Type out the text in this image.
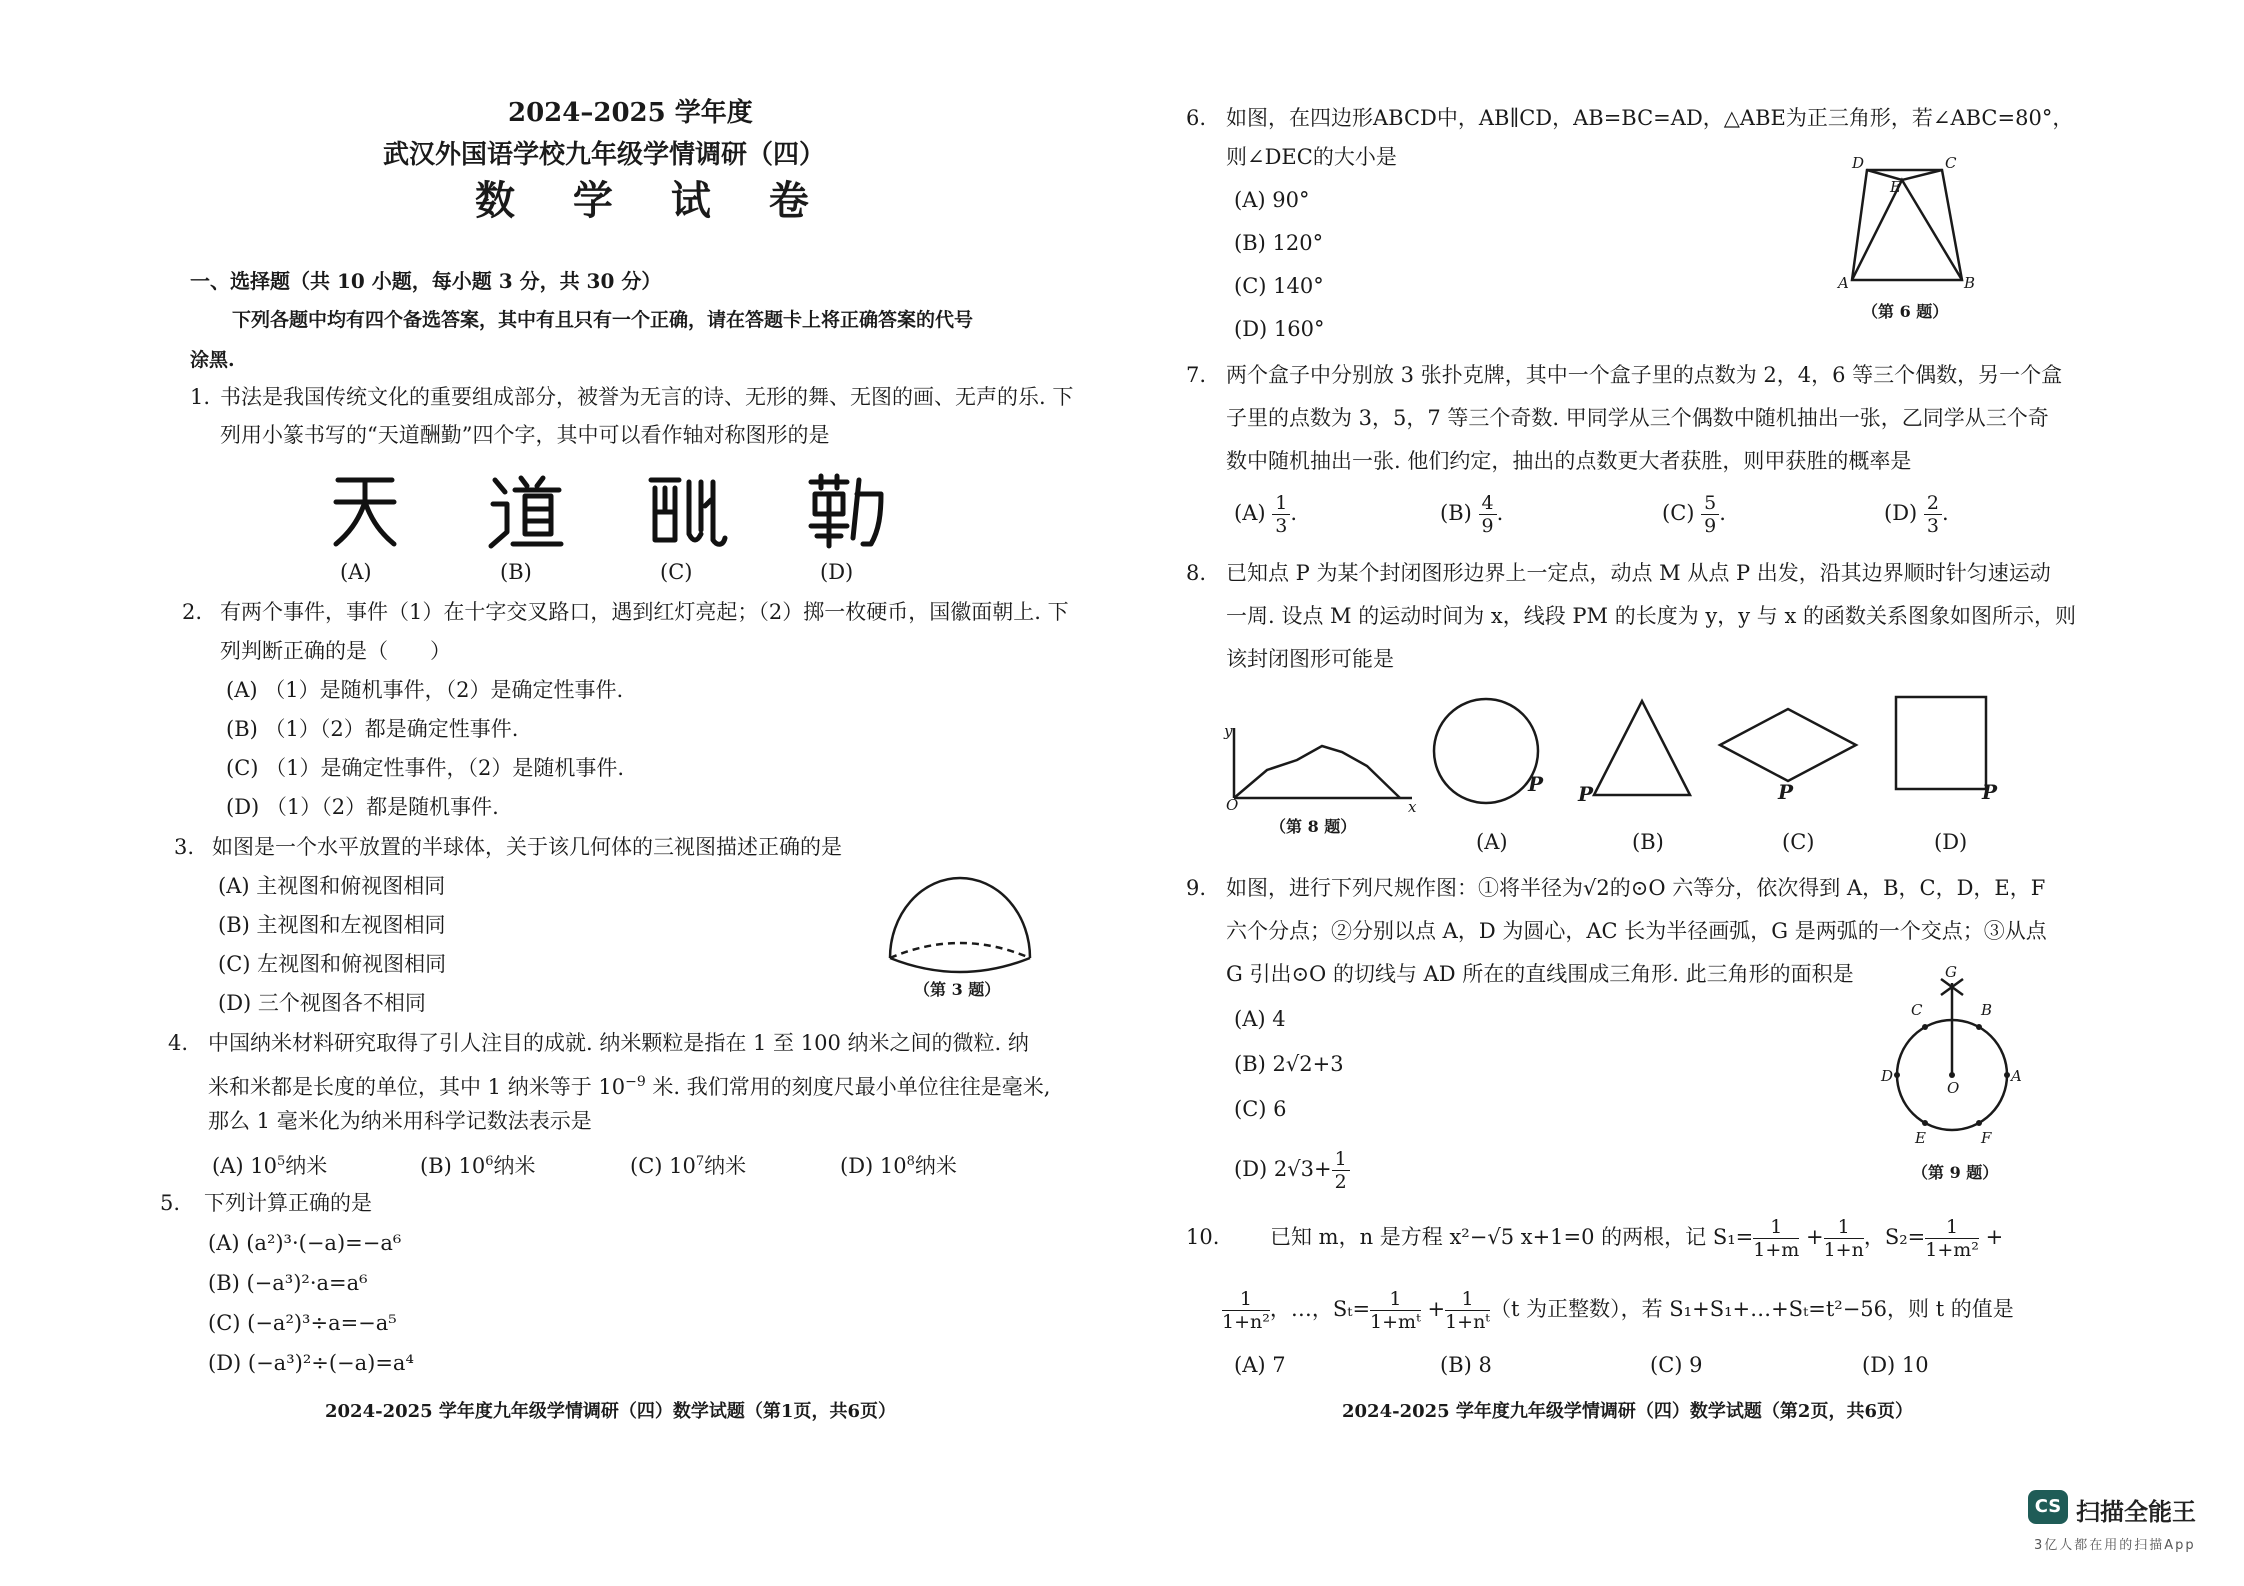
2024–2025 学年度
武汉外国语学校九年级学情调研（四）
数 学 试 卷
一、选择题（共 10 小题，每小题 3 分，共 30 分）
下列各题中均有四个备选答案，其中有且只有一个正确，请在答题卡上将正确答案的代号
涂黑.
1. 书法是我国传统文化的重要组成部分，被誉为无言的诗、无形的舞、无图的画、无声的乐. 下
列用小篆书写的“天道酬勤”四个字，其中可以看作轴对称图形的是
(A)	(B)	(C)	(D)
2. 有两个事件，事件（1）在十字交叉路口，遇到红灯亮起；（2）掷一枚硬币，国徽面朝上. 下
列判断正确的是（　　）
(A) （1）是随机事件，（2）是确定性事件.
(B) （1）（2）都是确定性事件.
(C) （1）是确定性事件，（2）是随机事件.
(D) （1）（2）都是随机事件.
3. 如图是一个水平放置的半球体，关于该几何体的三视图描述正确的是
(A) 主视图和俯视图相同
(B) 主视图和左视图相同
(C) 左视图和俯视图相同
(D) 三个视图各不相同
（第 3 题）
4. 中国纳米材料研究取得了引人注目的成就. 纳米颗粒是指在 1 至 100 纳米之间的微粒. 纳
米和米都是长度的单位，其中 1 纳米等于 $10^{-9}$ 米. 我们常用的刻度尺最小单位往往是毫米,
那么 1 毫米化为纳米用科学记数法表示是
(A) $10^5$纳米	(B) $10^6$纳米	(C) $10^7$纳米	(D) $10^8$纳米
5. 下列计算正确的是
(A) (a²)³·(−a)=−a⁶
(B) (−a³)²·a=a⁶
(C) (−a²)³÷a=−a⁵
(D) (−a³)²÷(−a)=a⁴
2024-2025 学年度九年级学情调研（四）数学试题（第1页，共6页）
6. 如图，在四边形ABCD中，AB∥CD，AB=BC=AD，△ABE为正三角形，若∠ABC=80°，
则∠DEC的大小是
(A) 90°
(B) 120°
(C) 140°
(D) 160°
D	C
E
A	B
（第 6 题）
7. 两个盒子中分别放 3 张扑克牌，其中一个盒子里的点数为 2，4，6 等三个偶数，另一个盒
子里的点数为 3，5，7 等三个奇数. 甲同学从三个偶数中随机抽出一张，乙同学从三个奇
数中随机抽出一张. 他们约定，抽出的点数更大者获胜，则甲获胜的概率是
$(A) \frac{1}{3}$ .	$(B) \frac{4}{9}$ .	$(C) \frac{5}{9}$ .	$(D) \frac{2}{3}$ .
8. 已知点 P 为某个封闭图形边界上一定点，动点 M 从点 P 出发，沿其边界顺时针匀速运动
一周. 设点 M 的运动时间为 x，线段 PM 的长度为 y，y 与 x 的函数关系图象如图所示，则
该封闭图形可能是
y
O	x
（第 8 题）
P P	P	P
(A)	(B)	(C)	(D)
9. 如图，进行下列尺规作图：①将半径为√2的⊙O 六等分，依次得到 A，B，C，D，E，F
六个分点；②分别以点 A，D 为圆心，AC 长为半径画弧，G 是两弧的一个交点；③从点
G 引出⊙O 的切线与 AD 所在的直线围成三角形. 此三角形的面积是
(A) 4
(B) 2√2+3
(C) 6
(D) $2√3+ \frac{1}{2}$
G
B
C
D	A
O
E	F
（第 9 题）
10. 已知 m，n 是方程 x²−√5 x+1=0 的两根，记 $S_1= \frac{1}{1+m} + \frac{1}{1+n}$ ，$S_2= \frac{1}{\text{1+m²}}$ +
$\frac{1}{\text{1+n²}}$ ，…，$S_t= \frac{1}{\text{1+mᵗ}} + \frac{1}{\text{1+nᵗ}} (t$ 为正整数），若 S₁+S₁+…+Sₜ=t²−56，则 t 的值是
(A) 7	(B) 8	(C) 9	(D) 10
2024-2025 学年度九年级学情调研（四）数学试题（第2页，共6页）
CS 扫描全能王
3亿人都在用的扫描App
